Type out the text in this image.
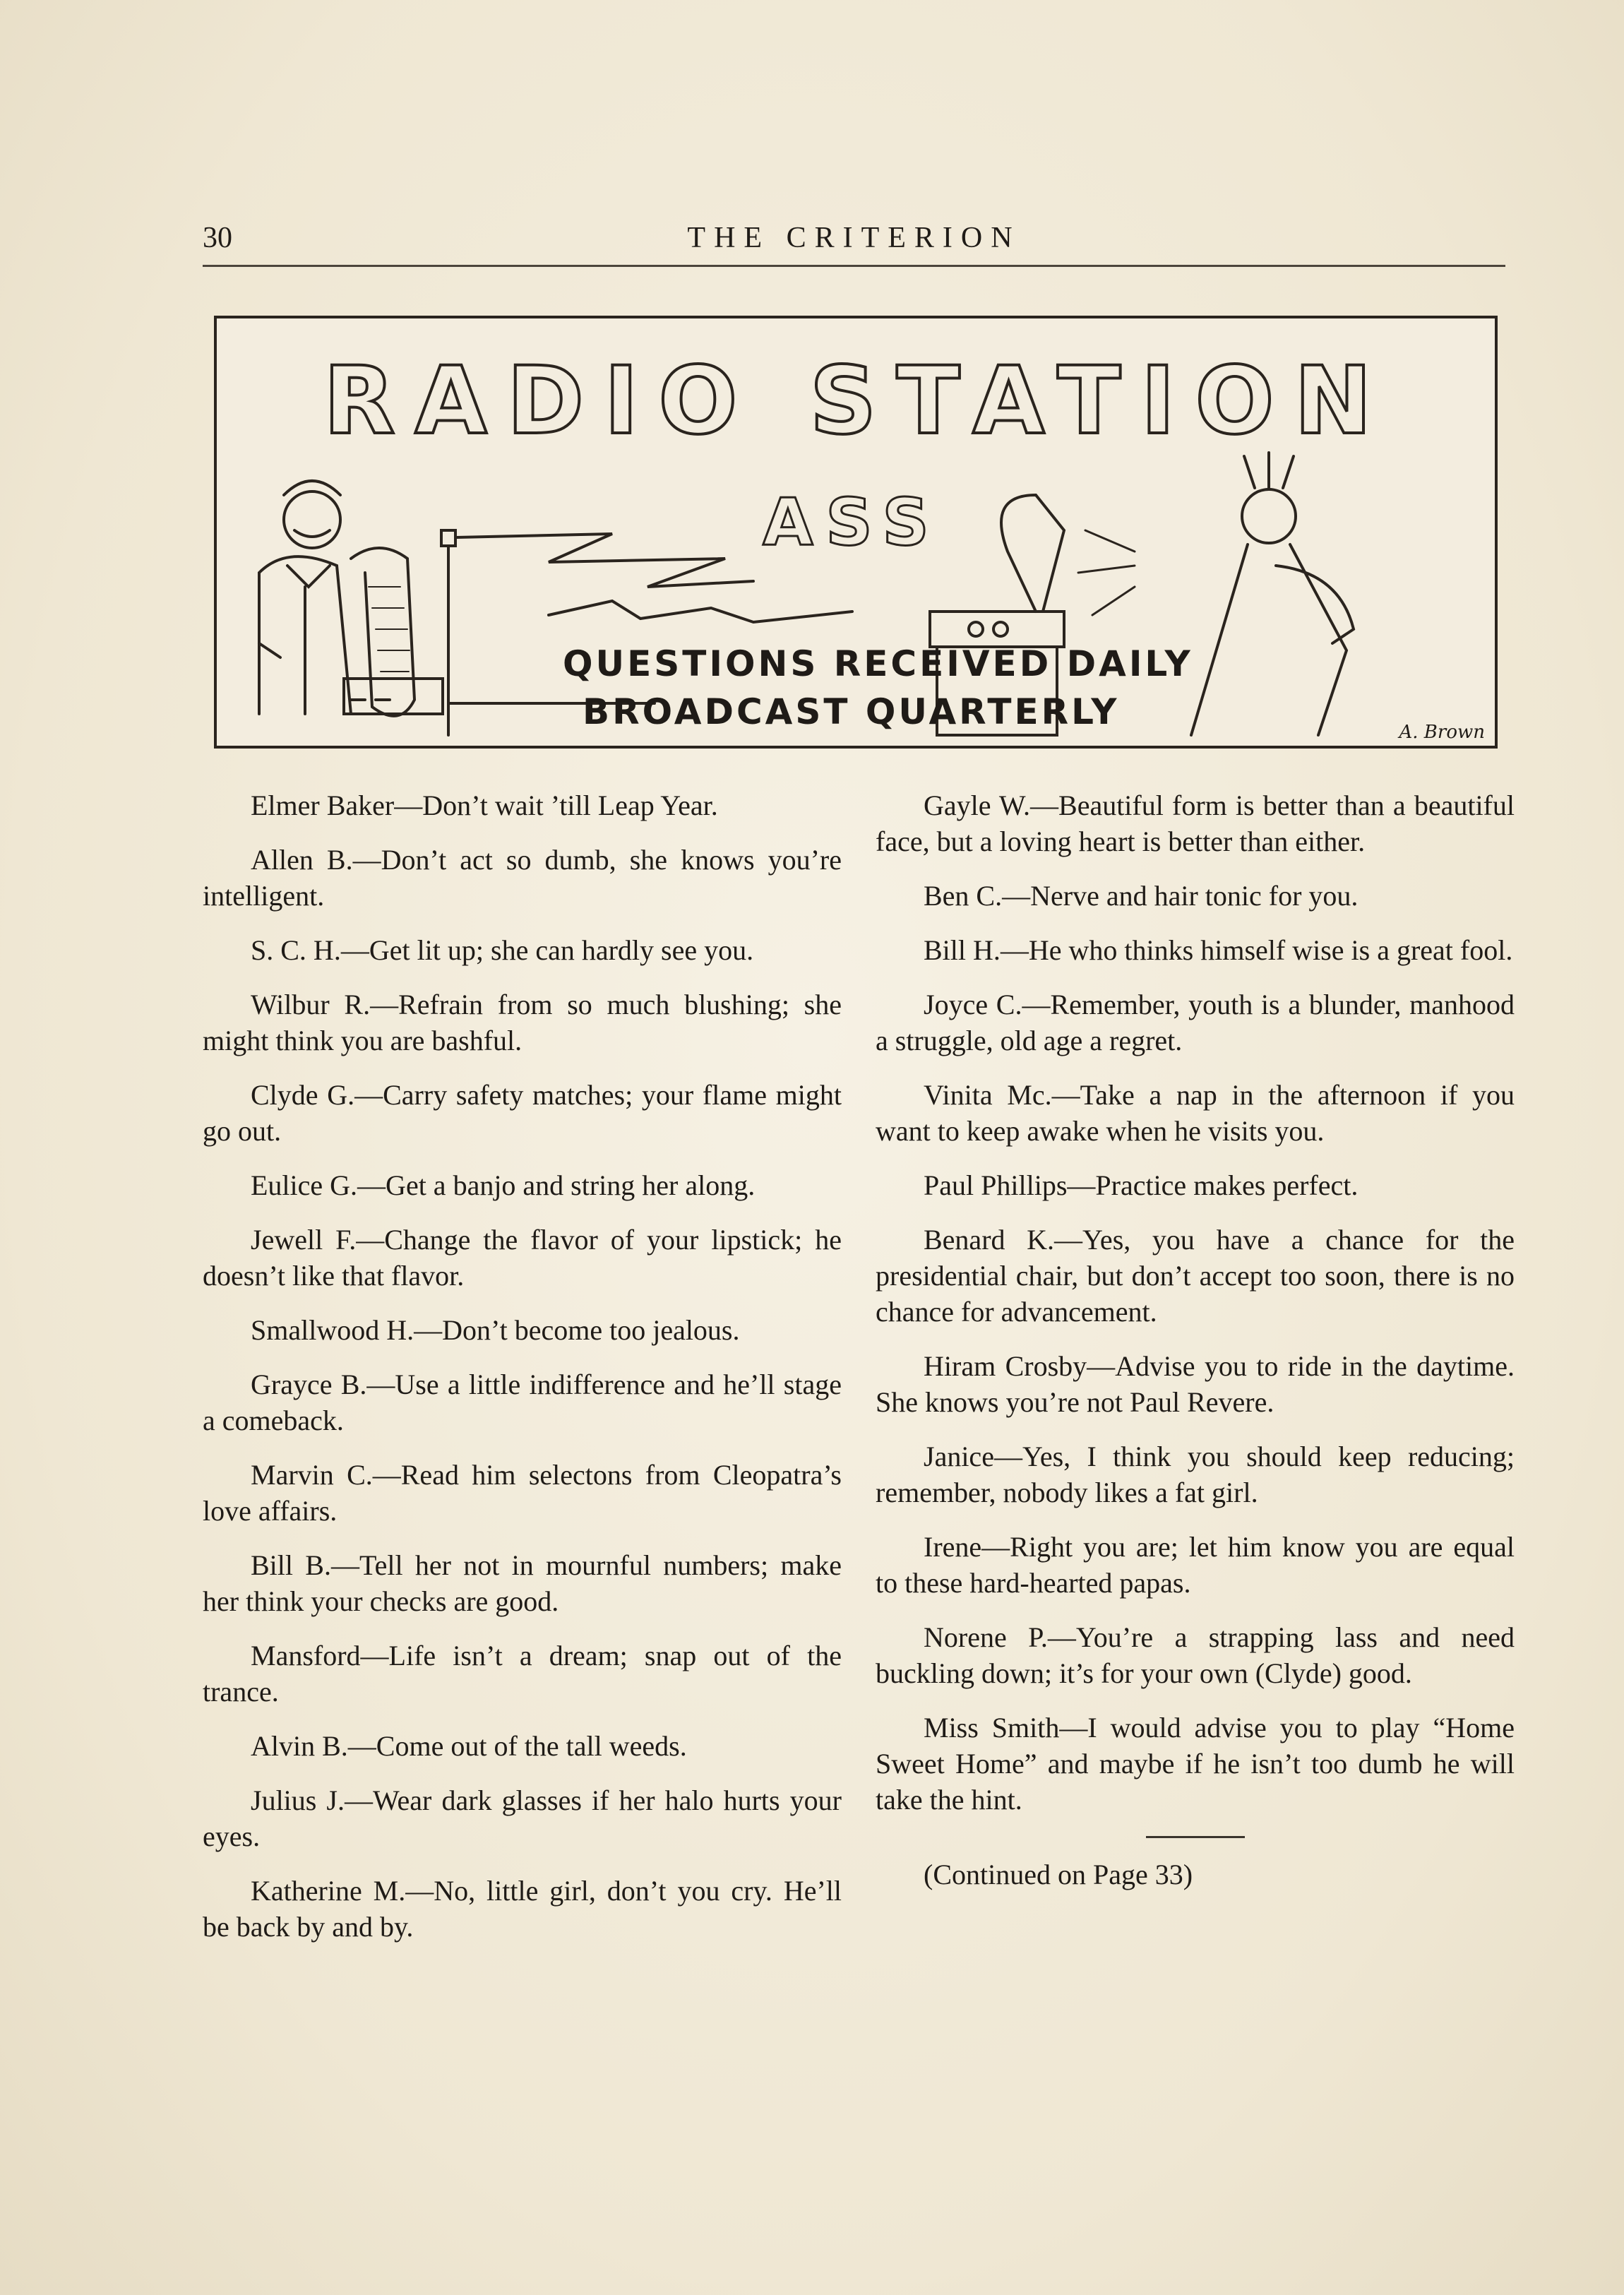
30	THE CRITERION
RADIO STATION
ASS
QUESTIONS RECEIVED DAILY
BROADCAST QUARTERLY	A. Brown

Elmer Baker—Don’t wait ’till Leap Year.

Allen B.—Don’t act so dumb, she knows you’re intelligent.

S. C. H.—Get lit up; she can hardly see you.

Wilbur R.—Refrain from so much blushing; she might think you are bashful.

Clyde G.—Carry safety matches; your flame might go out.

Eulice G.—Get a banjo and string her along.

Jewell F.—Change the flavor of your lipstick; he doesn’t like that flavor.

Smallwood H.—Don’t become too jealous.

Grayce B.—Use a little indifference and he’ll stage a comeback.

Marvin C.—Read him selectons from Cleopatra’s love affairs.

Bill B.—Tell her not in mournful numbers; make her think your checks are good.

Mansford—Life isn’t a dream; snap out of the trance.

Alvin B.—Come out of the tall weeds.

Julius J.—Wear dark glasses if her halo hurts your eyes.

Katherine M.—No, little girl, don’t you cry. He’ll be back by and by.

Gayle W.—Beautiful form is better than a beautiful face, but a loving heart is better than either.

Ben C.—Nerve and hair tonic for you.

Bill H.—He who thinks himself wise is a great fool.

Joyce C.—Remember, youth is a blunder, manhood a struggle, old age a regret.

Vinita Mc.—Take a nap in the afternoon if you want to keep awake when he visits you.

Paul Phillips—Practice makes perfect.

Benard K.—Yes, you have a chance for the presidential chair, but don’t accept too soon, there is no chance for advancement.

Hiram Crosby—Advise you to ride in the daytime. She knows you’re not Paul Revere.

Janice—Yes, I think you should keep reducing; remember, nobody likes a fat girl.

Irene—Right you are; let him know you are equal to these hard-hearted papas.

Norene P.—You’re a strapping lass and need buckling down; it’s for your own (Clyde) good.

Miss Smith—I would advise you to play “Home Sweet Home” and maybe if he isn’t too dumb he will take the hint.

(Continued on Page 33)
